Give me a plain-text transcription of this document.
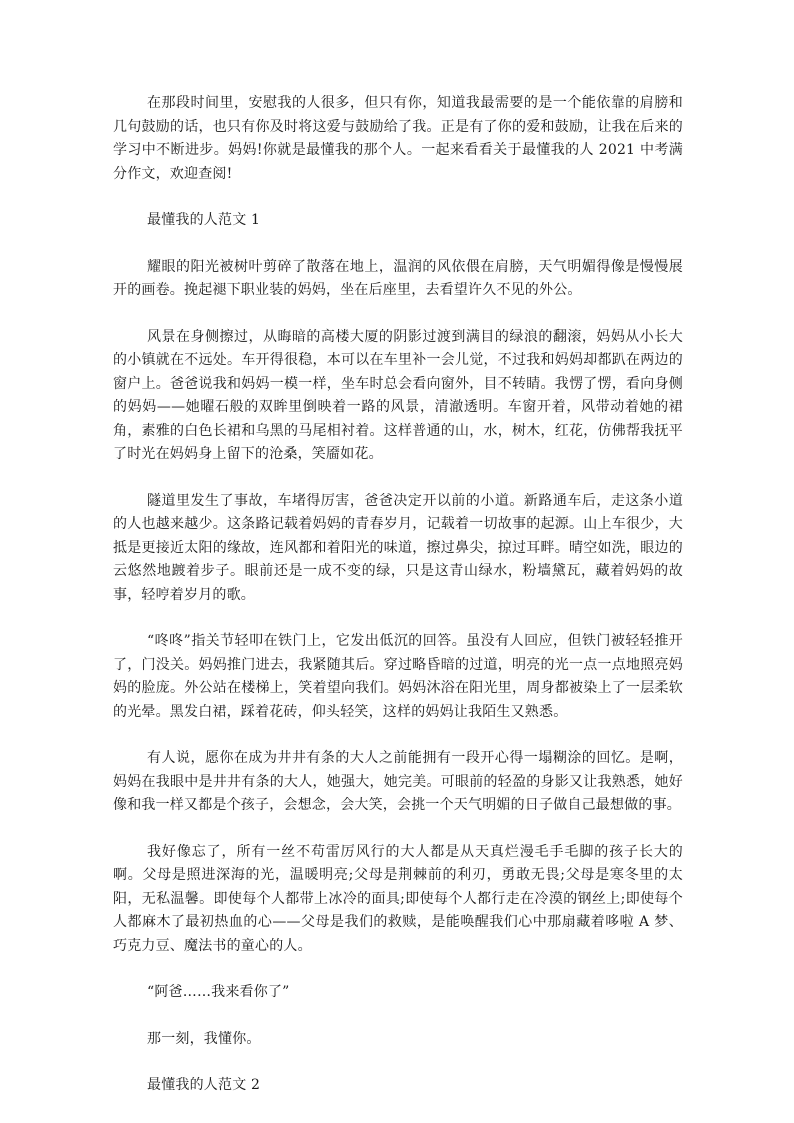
在那段时间里，安慰我的人很多，但只有你，知道我最需要的是一个能依靠的肩膀和几句鼓励的话，也只有你及时将这爱与鼓励给了我。正是有了你的爱和鼓励，让我在后来的学习中不断进步。妈妈!你就是最懂我的那个人。一起来看看关于最懂我的人 2021 中考满分作文，欢迎查阅!

最懂我的人范文 1

耀眼的阳光被树叶剪碎了散落在地上，温润的风依偎在肩膀，天气明媚得像是慢慢展开的画卷。挽起褪下职业装的妈妈，坐在后座里，去看望许久不见的外公。

风景在身侧擦过，从晦暗的高楼大厦的阴影过渡到满目的绿浪的翻滚，妈妈从小长大的小镇就在不远处。车开得很稳，本可以在车里补一会儿觉，不过我和妈妈却都趴在两边的窗户上。爸爸说我和妈妈一模一样，坐车时总会看向窗外，目不转睛。我愣了愣，看向身侧的妈妈——她曜石般的双眸里倒映着一路的风景，清澈透明。车窗开着，风带动着她的裙角，素雅的白色长裙和乌黑的马尾相衬着。这样普通的山，水，树木，红花，仿佛帮我抚平了时光在妈妈身上留下的沧桑，笑靥如花。

隧道里发生了事故，车堵得厉害，爸爸决定开以前的小道。新路通车后，走这条小道的人也越来越少。这条路记载着妈妈的青春岁月，记载着一切故事的起源。山上车很少，大抵是更接近太阳的缘故，连风都和着阳光的味道，擦过鼻尖，掠过耳畔。晴空如洗，眼边的云悠然地踱着步子。眼前还是一成不变的绿，只是这青山绿水，粉墙黛瓦，藏着妈妈的故事，轻哼着岁月的歌。

“咚咚”指关节轻叩在铁门上，它发出低沉的回答。虽没有人回应，但铁门被轻轻推开了，门没关。妈妈推门进去，我紧随其后。穿过略昏暗的过道，明亮的光一点一点地照亮妈妈的脸庞。外公站在楼梯上，笑着望向我们。妈妈沐浴在阳光里，周身都被染上了一层柔软的光晕。黑发白裙，踩着花砖，仰头轻笑，这样的妈妈让我陌生又熟悉。

有人说，愿你在成为井井有条的大人之前能拥有一段开心得一塌糊涂的回忆。是啊，妈妈在我眼中是井井有条的大人，她强大，她完美。可眼前的轻盈的身影又让我熟悉，她好像和我一样又都是个孩子，会想念，会大笑，会挑一个天气明媚的日子做自己最想做的事。

我好像忘了，所有一丝不苟雷厉风行的大人都是从天真烂漫毛手毛脚的孩子长大的啊。父母是照进深海的光，温暖明亮;父母是荆棘前的利刃，勇敢无畏;父母是寒冬里的太阳，无私温馨。即使每个人都带上冰冷的面具;即使每个人都行走在冷漠的钢丝上;即使每个人都麻木了最初热血的心——父母是我们的救赎，是能唤醒我们心中那扇藏着哆啦 A 梦、巧克力豆、魔法书的童心的人。

“阿爸……我来看你了”

那一刻，我懂你。

最懂我的人范文 2
